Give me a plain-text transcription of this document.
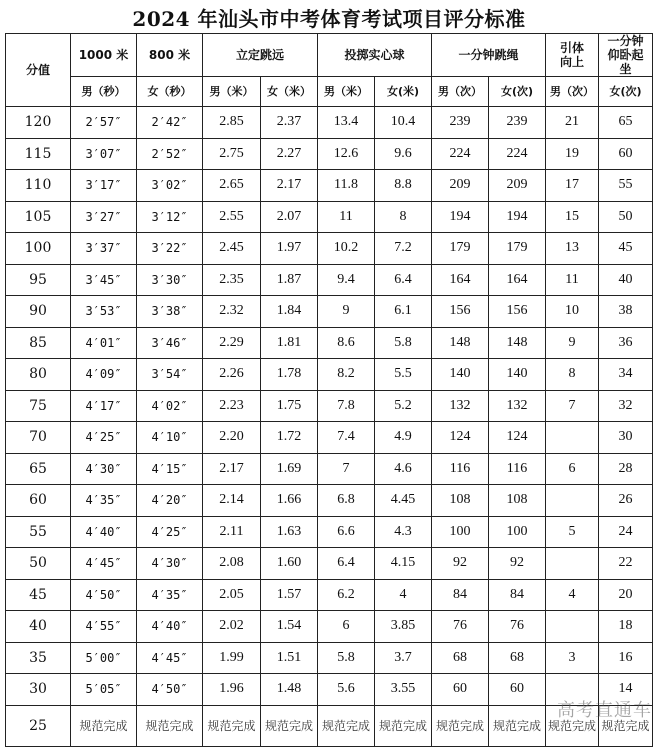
2024 年汕头市中考体育考试项目评分标准
分值	1000 米	800 米	立定跳远		投掷实心球		一分钟跳绳		引体向上	一分钟仰卧起坐
	男（秒）	女（秒）	男（米）	女（米）	男（米）	女(米)	男（次）	女(次)	男（次）	女(次)
120	2′57″	2′42″	2.85	2.37	13.4	10.4	239	239	21	65
115	3′07″	2′52″	2.75	2.27	12.6	9.6	224	224	19	60
110	3′17″	3′02″	2.65	2.17	11.8	8.8	209	209	17	55
105	3′27″	3′12″	2.55	2.07	11	8	194	194	15	50
100	3′37″	3′22″	2.45	1.97	10.2	7.2	179	179	13	45
95	3′45″	3′30″	2.35	1.87	9.4	6.4	164	164	11	40
90	3′53″	3′38″	2.32	1.84	9	6.1	156	156	10	38
85	4′01″	3′46″	2.29	1.81	8.6	5.8	148	148	9	36
80	4′09″	3′54″	2.26	1.78	8.2	5.5	140	140	8	34
75	4′17″	4′02″	2.23	1.75	7.8	5.2	132	132	7	32
70	4′25″	4′10″	2.20	1.72	7.4	4.9	124	124		30
65	4′30″	4′15″	2.17	1.69	7	4.6	116	116	6	28
60	4′35″	4′20″	2.14	1.66	6.8	4.45	108	108		26
55	4′40″	4′25″	2.11	1.63	6.6	4.3	100	100	5	24
50	4′45″	4′30″	2.08	1.60	6.4	4.15	92	92		22
45	4′50″	4′35″	2.05	1.57	6.2	4	84	84	4	20
40	4′55″	4′40″	2.02	1.54	6	3.85	76	76		18
35	5′00″	4′45″	1.99	1.51	5.8	3.7	68	68	3	16
30	5′05″	4′50″	1.96	1.48	5.6	3.55	60	60		14
25	规范完成	规范完成	规范完成	规范完成	规范完成	规范完成	规范完成	规范完成	规范完成	规范完成
高考直通车
